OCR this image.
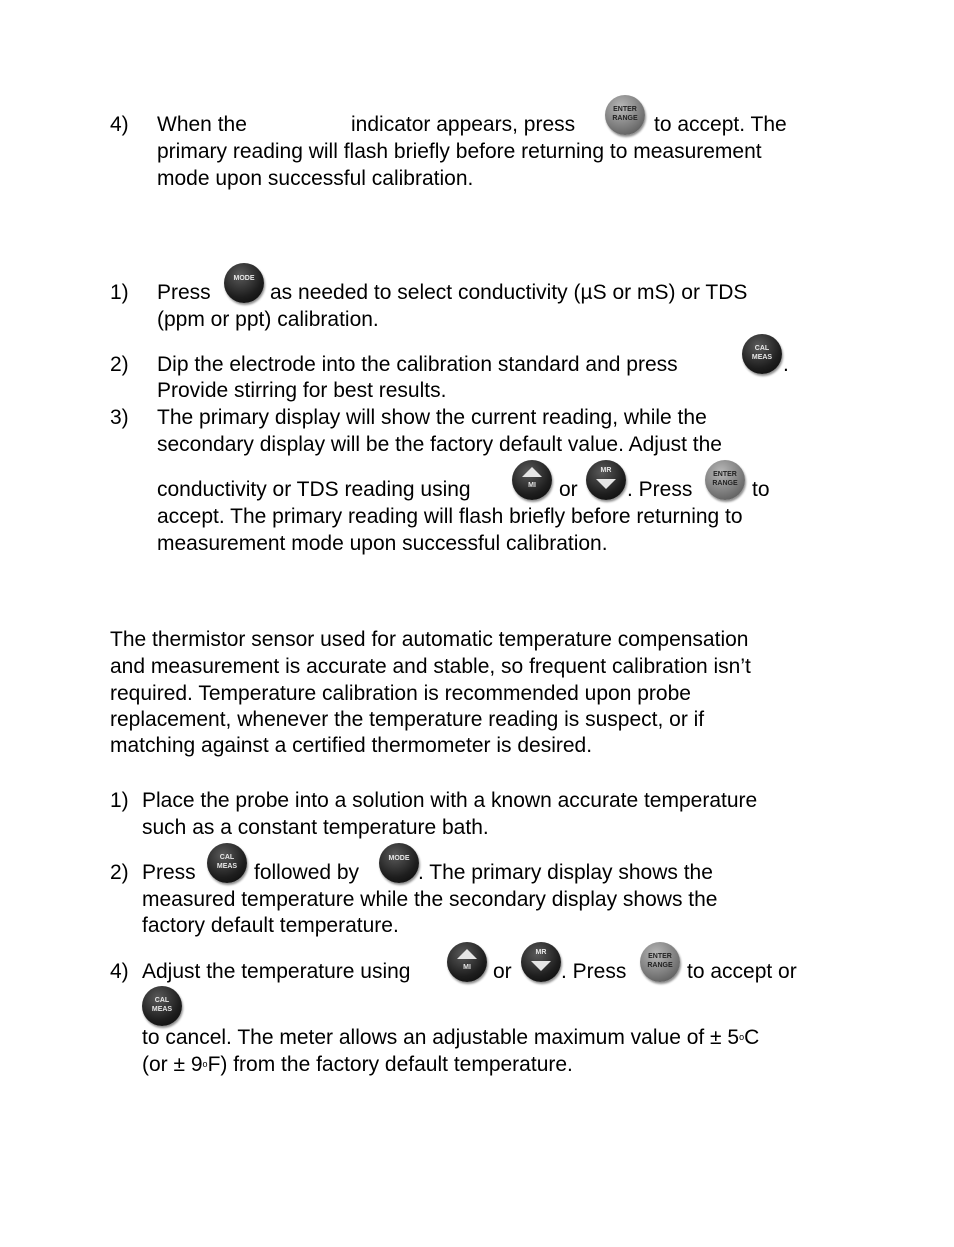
4) When the	indicator appears, press
ENTER
RANGE to accept. The
primary reading will flash briefly before returning to measurement
mode upon successful calibration.
1) Press
MODE
as needed to select conductivity (µS or mS) or TDS
(ppm or ppt) calibration.
2) Dip the electrode into the calibration standard and press
CAL
MEAS .
Provide stirring for best results.
3) The primary display will show the current reading, while the
secondary display will be the factory default value. Adjust the
conductivity or TDS reading using	MI	or
MR
. Press
ENTER
RANGE to
accept. The primary reading will flash briefly before returning to
measurement mode upon successful calibration.
The thermistor sensor used for automatic temperature compensation
and measurement is accurate and stable, so frequent calibration isn’t
required. Temperature calibration is recommended upon probe
replacement, whenever the temperature reading is suspect, or if
matching against a certified thermometer is desired.
1) Place the probe into a solution with a known accurate temperature
such as a constant temperature bath.
2) Press
CAL
MEAS followed by
MODE
. The primary display shows the
measured temperature while the secondary display shows the
factory default temperature.
4) Adjust the temperature using	MI	or
MR
. Press
ENTER
RANGE to accept or
CAL
MEAS
to cancel. The meter allows an adjustable maximum value of ± $5^oC$
$(or \pm 9^oF)$ from the factory default temperature.
